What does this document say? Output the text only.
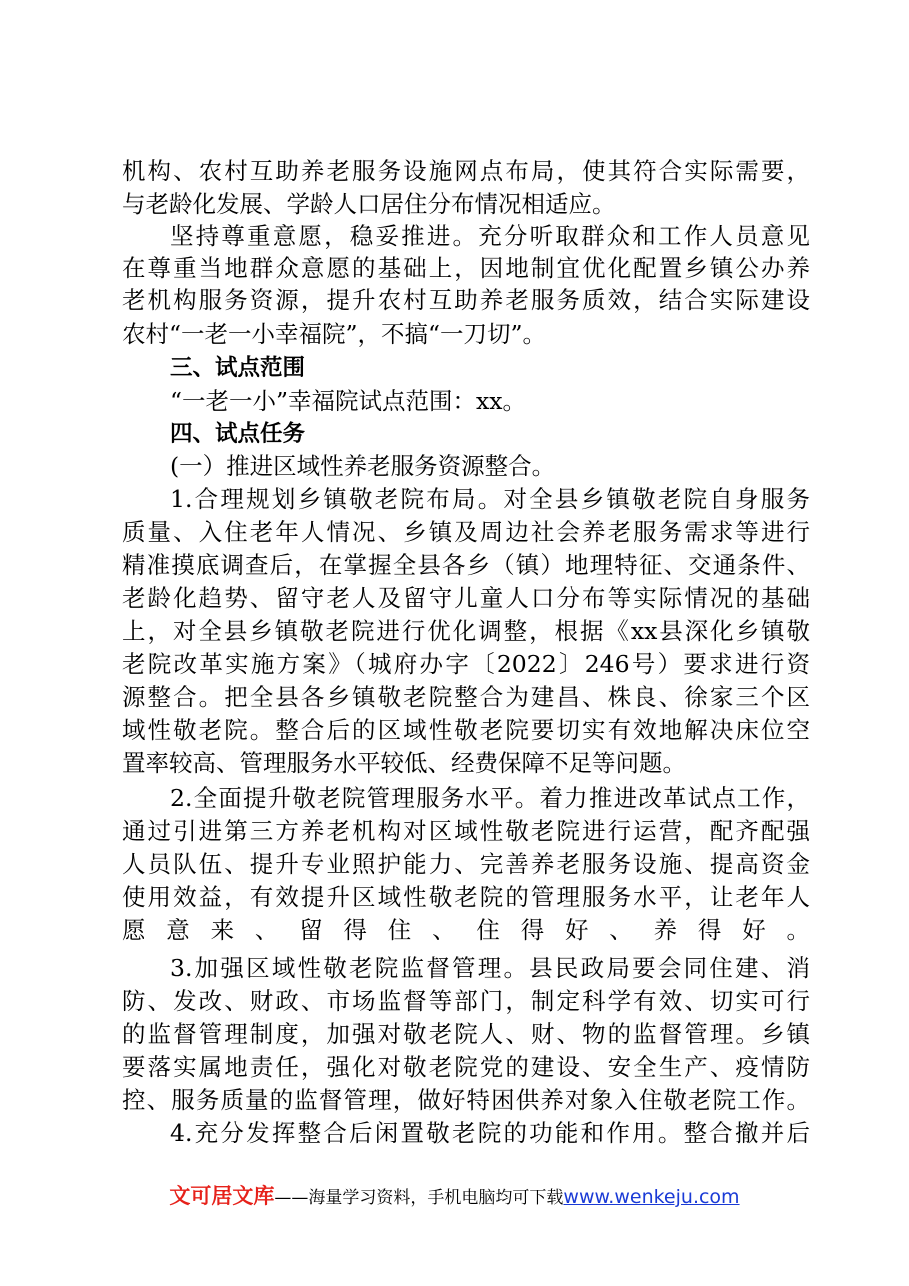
机构、农村互助养老服务设施网点布局，使其符合实际需要，
与老龄化发展、学龄人口居住分布情况相适应。
坚持尊重意愿，稳妥推进。充分听取群众和工作人员意见
在尊重当地群众意愿的基础上，因地制宜优化配置乡镇公办养
老机构服务资源，提升农村互助养老服务质效，结合实际建设
农村“一老一小幸福院”，不搞“一刀切”。
三、试点范围
“一老一小”幸福院试点范围：xx。
四、试点任务
(一）推进区域性养老服务资源整合。
1.合理规划乡镇敬老院布局。对全县乡镇敬老院自身服务
质量、入住老年人情况、乡镇及周边社会养老服务需求等进行
精准摸底调查后，在掌握全县各乡（镇）地理特征、交通条件、
老龄化趋势、留守老人及留守儿童人口分布等实际情况的基础
上，对全县乡镇敬老院进行优化调整，根据《xx县深化乡镇敬
老院改革实施方案》（城府办字〔2022〕246号）要求进行资
源整合。把全县各乡镇敬老院整合为建昌、株良、徐家三个区
域性敬老院。整合后的区域性敬老院要切实有效地解决床位空
置率较高、管理服务水平较低、经费保障不足等问题。
2.全面提升敬老院管理服务水平。着力推进改革试点工作，
通过引进第三方养老机构对区域性敬老院进行运营，配齐配强
人员队伍、提升专业照护能力、完善养老服务设施、提高资金
使用效益，有效提升区域性敬老院的管理服务水平，让老年人
愿意来、留得住、住得好、养得好。
3.加强区域性敬老院监督管理。县民政局要会同住建、消
防、发改、财政、市场监督等部门，制定科学有效、切实可行
的监督管理制度，加强对敬老院人、财、物的监督管理。乡镇
要落实属地责任，强化对敬老院党的建设、安全生产、疫情防
控、服务质量的监督管理，做好特困供养对象入住敬老院工作。
4.充分发挥整合后闲置敬老院的功能和作用。整合撤并后
文可居文库——海量学习资料，手机电脑均可下载www.wenkeju.com
